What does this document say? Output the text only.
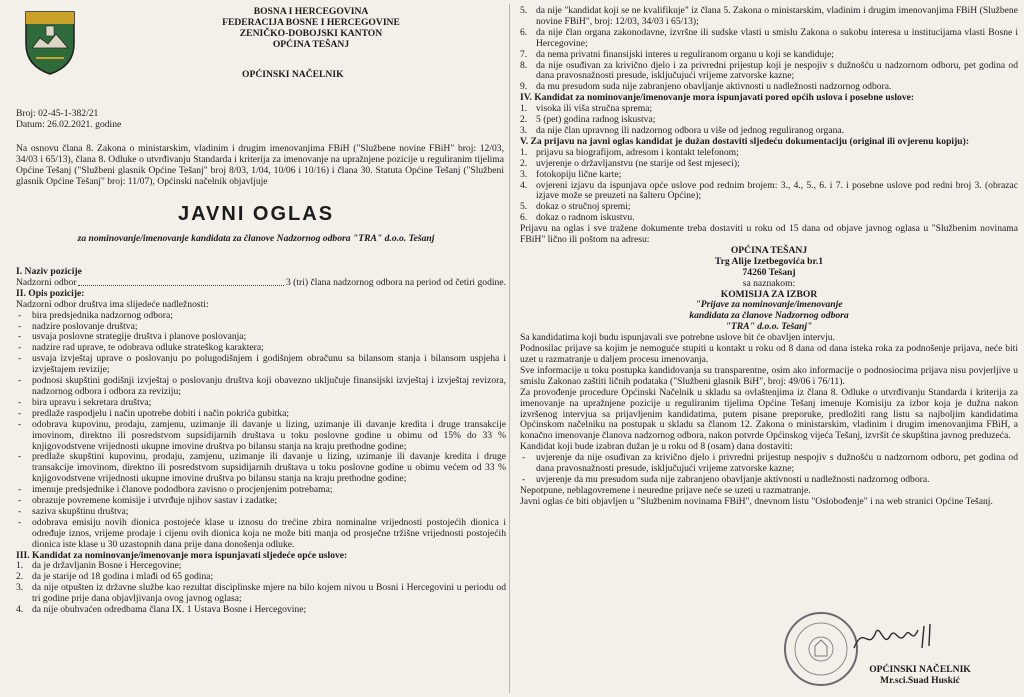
BOSNA I HERCEGOVINA
FEDERACIJA BOSNE I HERCEGOVINE
ZENIČKO-DOBOJSKI KANTON
OPĆINA TEŠANJ
OPĆINSKI NAČELNIK
Broj: 02-45-1-382/21
Datum: 26.02.2021. godine
Na osnovu člana 8. Zakona o ministarskim, vladinim i drugim imenovanjima FBiH ("Službene novine FBiH" broj: 12/03, 34/03 i 65/13), člana 8. Odluke o utvrđivanju Standarda i kriterija za imenovanje na upražnjene pozicije u reguliranim tijelima Općine Tešanj ("Službeni glasnik Općine Tešanj" broj 8/03, 1/04, 10/06 i 10/16) i člana 30. Statuta Općine Tešanj ("Službeni glasnik Općine Tešanj" broj: 11/07), Općinski načelnik objavljuje
JAVNI OGLAS
za nominovanje/imenovanje kandidata za članove Nadzornog odbora "TRA" d.o.o. Tešanj
I. Naziv pozicije
Nadzorni odbor	3 (tri) člana nadzornog odbora na period od četiri godine.
II. Opis pozicije:
Nadzorni odbor društva ima slijedeće nadležnosti:
- bira predsjednika nadzornog odbora;
- nadzire poslovanje društva;
- usvaja poslovne strategije društva i planove poslovanja;
- nadzire rad uprave, te odobrava odluke strateškog karaktera;
- usvaja izvještaj uprave o poslovanju po polugodišnjem i godišnjem obračunu sa bilansom stanja i bilansom uspjeha i izvještajem revizije;
- podnosi skupštini godišnji izvještaj o poslovanju društva koji obavezno uključuje finansijski izvještaj i izvještaj revizora, nadzornog odbora i odbora za reviziju;
- bira upravu i sekretara društva;
- predlaže raspodjelu i način upotrebe dobiti i način pokrića gubitka;
- odobrava kupovinu, prodaju, zamjenu, uzimanje ili davanje u lizing, uzimanje ili davanje kredita i druge transakcije imovinom, direktno ili posredstvom supsidijarnih društava u toku poslovne godine u obimu od 15% do 33 % knjigovodstvene vrijednosti ukupne imovine društva po bilansu stanja na kraju prethodne godine;
- predlaže skupštini kupovinu, prodaju, zamjenu, uzimanje ili davanje u lizing, uzimanje ili davanje kredita i druge transakcije imovinom, direktno ili posredstvom supsidijarnih društava u toku poslovne godine u obimu većem od 33 % knjigovodstvene vrijednosti ukupne imovine društva po bilansu stanja na kraju prethodne godine;
- imenuje predsjednike i članove pododbora zavisno o procjenjenim potrebama;
- obrazuje povremene komisije i utvrđuje njihov sastav i zadatke;
- saziva skupštinu društva;
- odobrava emisiju novih dionica postojeće klase u iznosu do trećine zbira nominalne vrijednosti postojećih dionica i određuje iznos, vrijeme prodaje i cijenu ovih dionica koja ne može biti manja od prosječne tržišne vrijednosti postojećih dionica iste klase u 30 uzastopnih dana prije dana donošenja odluke.
III. Kandidat za nominovanje/imenovanje mora ispunjavati sljedeće opće uslove:
1. da je državljanin Bosne i Hercegovine;
2. da je starije od 18 godina i mlađi od 65 godina;
3. da nije otpušten iz državne službe kao rezultat disciplinske mjere na bilo kojem nivou u Bosni i Hercegovini u periodu od tri godine prije dana objavljivanja ovog javnog oglasa;
4. da nije obuhvaćen odredbama člana IX. 1 Ustava Bosne i Hercegovine;
5. da nije "kandidat koji se ne kvalifikuje" iz člana 5. Zakona o ministarskim, vladinim i drugim imenovanjima FBiH (Službene novine FBiH", broj: 12/03, 34/03 i 65/13);
6. da nije član organa zakonodavne, izvršne ili sudske vlasti u smislu Zakona o sukobu interesa u institucijama vlasti Bosne i Hercegovine;
7. da nema privatni finansijski interes u reguliranom organu u koji se kandiduje;
8. da nije osuđivan za krivično djelo i za privredni prijestup koji je nespojiv s dužnošću u nadzornom odboru, pet godina od dana pravosnažnosti presude, isključujući vrijeme zatvorske kazne;
9. da mu presudom suda nije zabranjeno obavljanje aktivnosti u nadležnosti nadzornog odbora.
IV. Kandidat za nominovanje/imenovanje mora ispunjavati pored općih uslova i posebne uslove:
1. visoka ili viša stručna sprema;
2. 5 (pet) godina radnog iskustva;
3. da nije član upravnog ili nadzornog odbora u više od jednog reguliranog organa.
V. Za prijavu na javni oglas kandidat je dužan dostaviti sljedeću dokumentaciju (original ili ovjerenu kopiju):
1. prijavu sa biografijom, adresom i kontakt telefonom;
2. uvjerenje o državljanstvu (ne starije od šest mjeseci);
3. fotokopiju lične karte;
4. ovjereni izjavu da ispunjava opće uslove pod rednim brojem: 3., 4., 5., 6. i 7. i posebne uslove pod redni broj 3. (obrazac izjave može se preuzeti na šalteru Općine);
5. dokaz o stručnoj spremi;
6. dokaz o radnom iskustvu.
Prijavu na oglas i sve tražene dokumente treba dostaviti u roku od 15 dana od objave javnog oglasa u "Službenim novinama FBiH" lično ili poštom na adresu:
OPĆINA TEŠANJ
Trg Alije Izetbegovića br.1
74260 Tešanj
sa naznakom:
KOMISIJA ZA IZBOR
"Prijave za nominovanje/imenovanje
kandidata za članove Nadzornog odbora
"TRA" d.o.o. Tešanj"
Sa kandidatima koji budu ispunjavali sve potrebne uslove bit će obavljen intervju.
Podnosilac prijave sa kojim je nemoguće stupiti u kontakt u roku od 8 dana od dana isteka roka za podnošenje prijava, neće biti uzet u razmatranje u daljem procesu imenovanja.
Sve informacije u toku postupka kandidovanja su transparentne, osim ako informacije o podnosiocima prijava nisu povjerljive u smislu Zakonao zaštiti ličnih podataka ("Službeni glasnik BiH", broj: 49/06 i 76/11).
Za provođenje procedure Općinski Načelnik u skladu sa ovlaštenjima iz člana 8. Odluke o utvrđivanju Standarda i kriterija za imenovanje na upražnjene pozicije u reguliranim tijelima Općine Tešanj imenuje Komisiju za izbor koja je dužna nakon izvršenog intervjua sa prijavljenim kandidatima, putem pisane preporuke, predložiti rang listu sa najboljim kandidatima Općinskom načelniku na postupak u skladu sa članom 12. Zakona o ministarskim, vladinim i drugim imenovanjima FBiH, a konačno imenovanje članova nadzornog odbora, nakon potvrde Općinskog vijeća Tešanj, izvršit će skupština javnog preduzeća.
Kandidat koji bude izabran dužan je u roku od 8 (osam) dana dostaviti:
- uvjerenje da nije osuđivan za krivično djelo i privredni prijestup nespojiv s dužnošću u nadzornom odboru, pet godina od dana pravosnažnosti presude, isključujući vrijeme zatvorske kazne;
- uvjerenje da mu presudom suda nije zabranjeno obavljanje aktivnosti u nadležnosti nadzornog odbora.
Nepotpune, neblagovremene i neuredne prijave neće se uzeti u razmatranje.
Javni oglas će biti objavljen u "Službenim novinama FBiH", dnevnom listu "Oslobođenje" i na web stranici Općine Tešanj.
OPĆINSKI NAČELNIK
Mr.sci.Suad Huskić
